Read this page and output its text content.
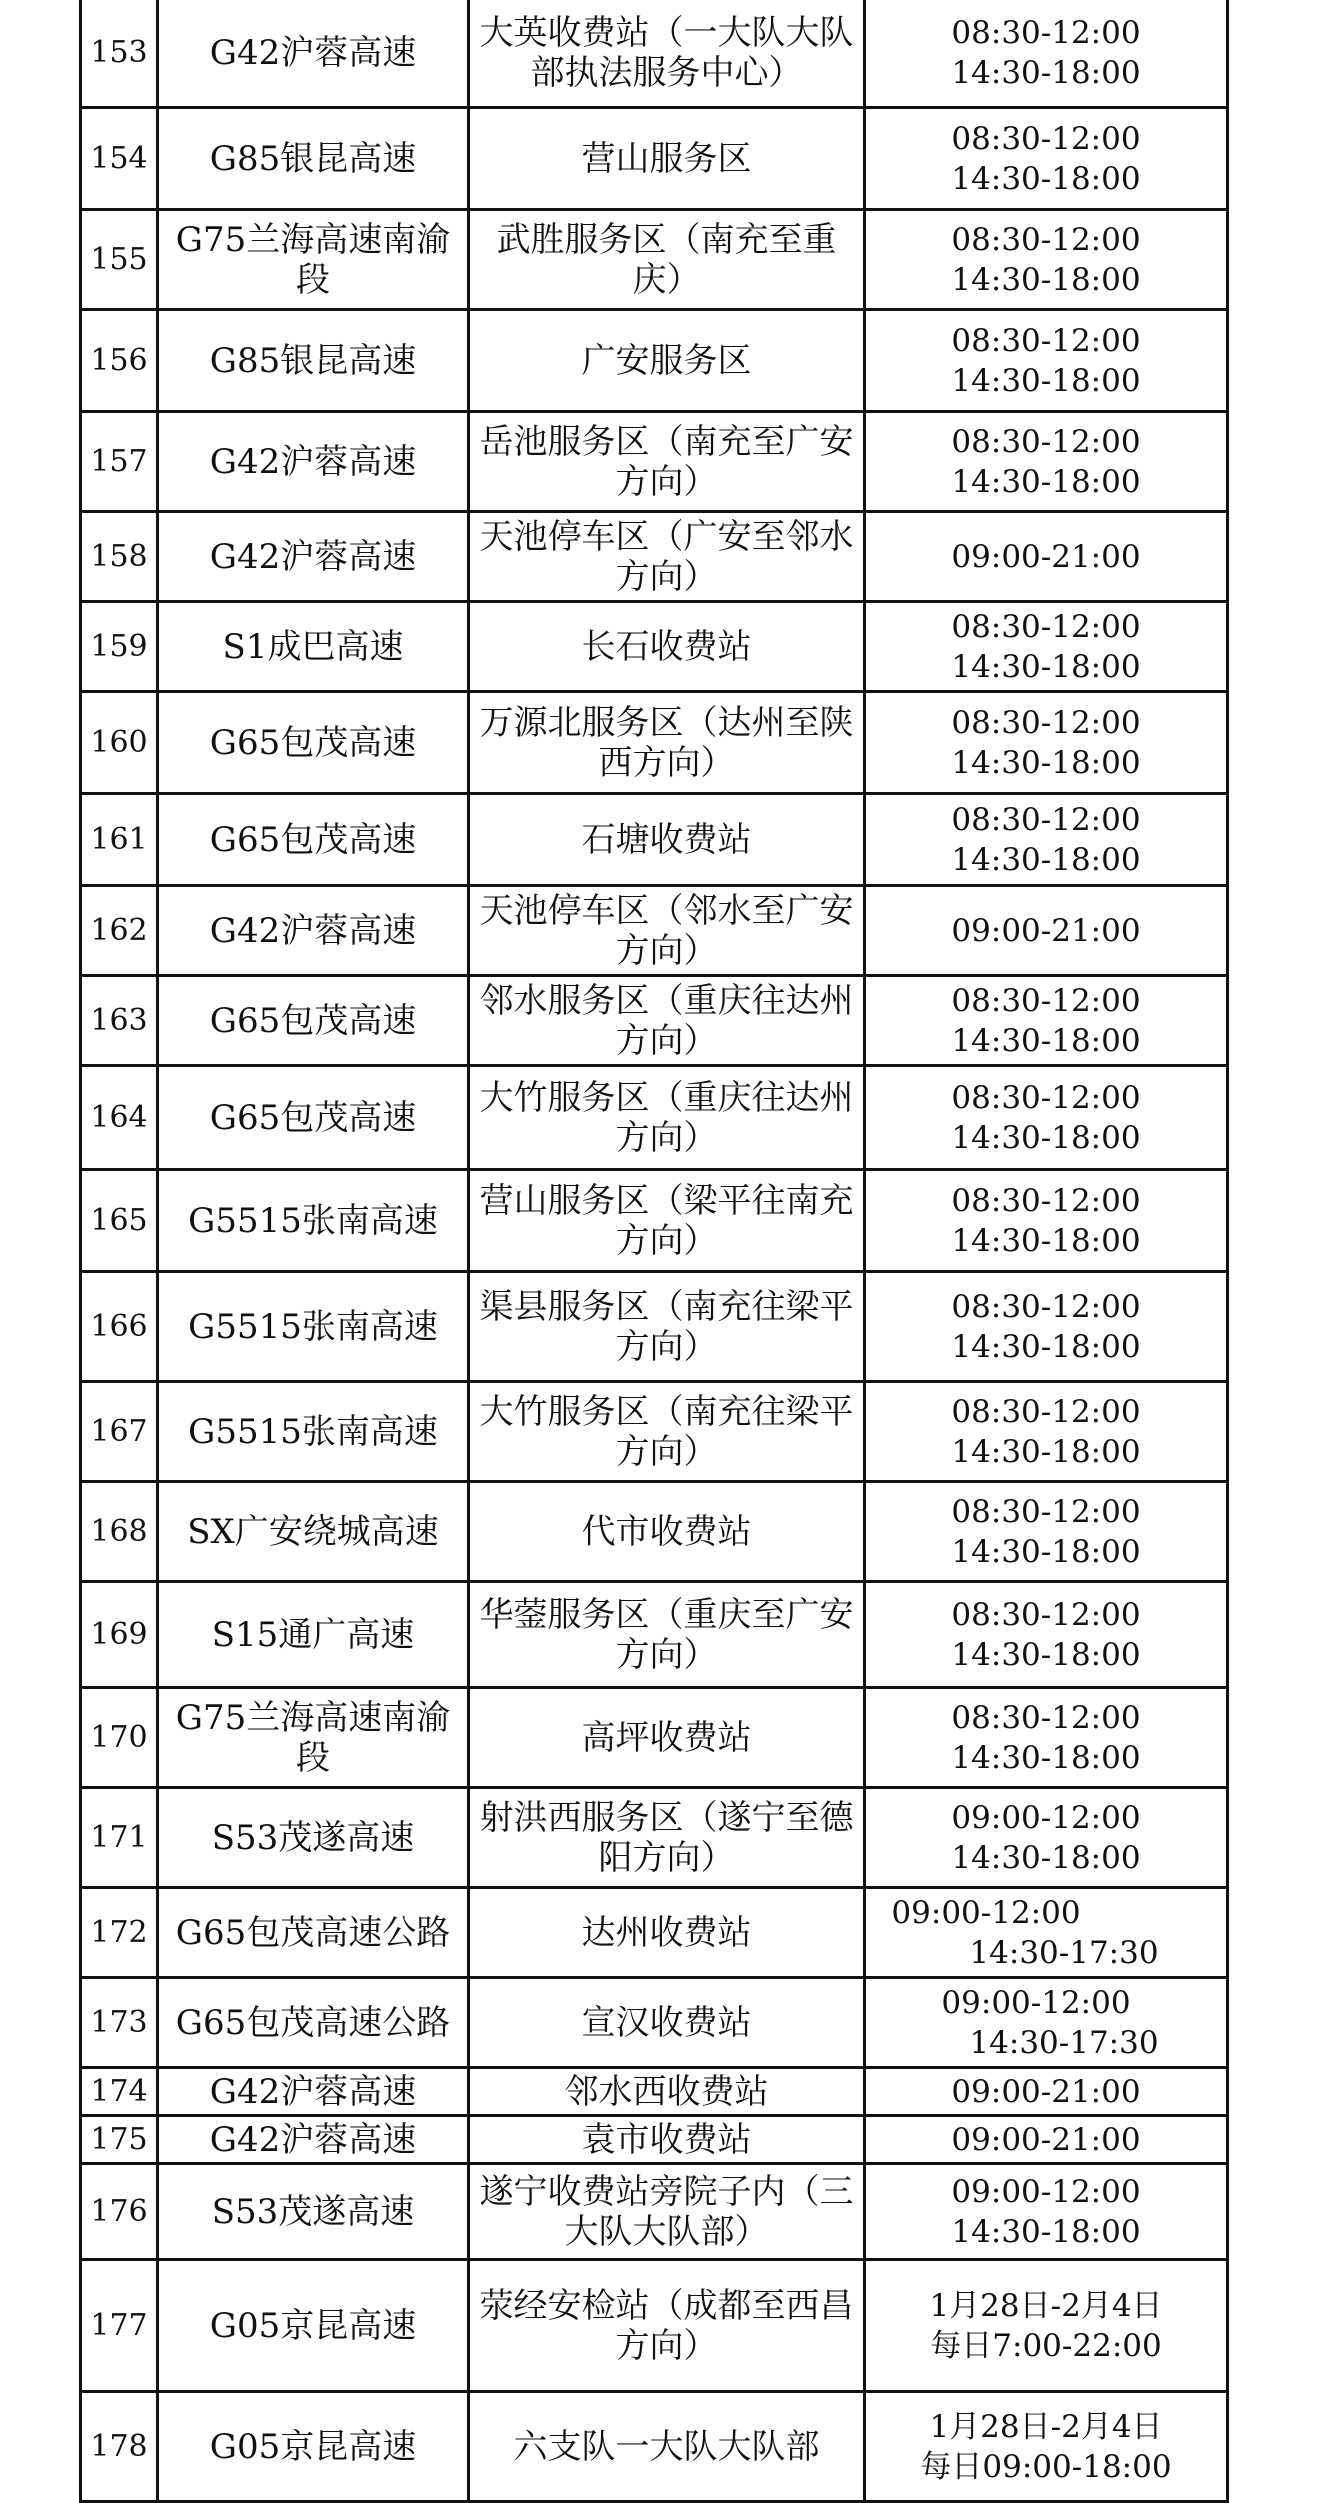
153	G42沪蓉高速	大英收费站（一大队大队
部执法服务中心）	08:30-12:00
14:30-18:00

154	G85银昆高速	营山服务区	08:30-12:00
14:30-18:00

155	G75兰海高速南渝
段	武胜服务区（南充至重
庆）	08:30-12:00
14:30-18:00

156	G85银昆高速	广安服务区	08:30-12:00
14:30-18:00

157	G42沪蓉高速	岳池服务区（南充至广安
方向）	08:30-12:00
14:30-18:00

158	G42沪蓉高速	天池停车区（广安至邻水
方向）	09:00-21:00

159	S1成巴高速	长石收费站	08:30-12:00
14:30-18:00

160	G65包茂高速	万源北服务区（达州至陕
西方向）	08:30-12:00
14:30-18:00

161	G65包茂高速	石塘收费站	08:30-12:00
14:30-18:00

162	G42沪蓉高速	天池停车区（邻水至广安
方向）	09:00-21:00

163	G65包茂高速	邻水服务区（重庆往达州
方向）	08:30-12:00
14:30-18:00

164	G65包茂高速	大竹服务区（重庆往达州
方向）	08:30-12:00
14:30-18:00

165	G5515张南高速	营山服务区（梁平往南充
方向）	08:30-12:00
14:30-18:00

166	G5515张南高速	渠县服务区（南充往梁平
方向）	08:30-12:00
14:30-18:00

167	G5515张南高速	大竹服务区（南充往梁平
方向）	08:30-12:00
14:30-18:00

168	SX广安绕城高速	代市收费站	08:30-12:00
14:30-18:00

169	S15通广高速	华蓥服务区（重庆至广安
方向）	08:30-12:00
14:30-18:00

170	G75兰海高速南渝
段	高坪收费站	08:30-12:00
14:30-18:00

171	S53茂遂高速	射洪西服务区（遂宁至德
阳方向）	09:00-12:00
14:30-18:00

172	G65包茂高速公路	达州收费站	09:00-12:00
14:30-17:30

173	G65包茂高速公路	宣汉收费站	09:00-12:00
14:30-17:30

174	G42沪蓉高速	邻水西收费站	09:00-21:00

175	G42沪蓉高速	袁市收费站	09:00-21:00

176	S53茂遂高速	遂宁收费站旁院子内（三
大队大队部）	09:00-12:00
14:30-18:00

177	G05京昆高速	荥经安检站（成都至西昌
方向）	1月28日-2月4日
每日7:00-22:00

178	G05京昆高速	六支队一大队大队部	1月28日-2月4日
每日09:00-18:00
